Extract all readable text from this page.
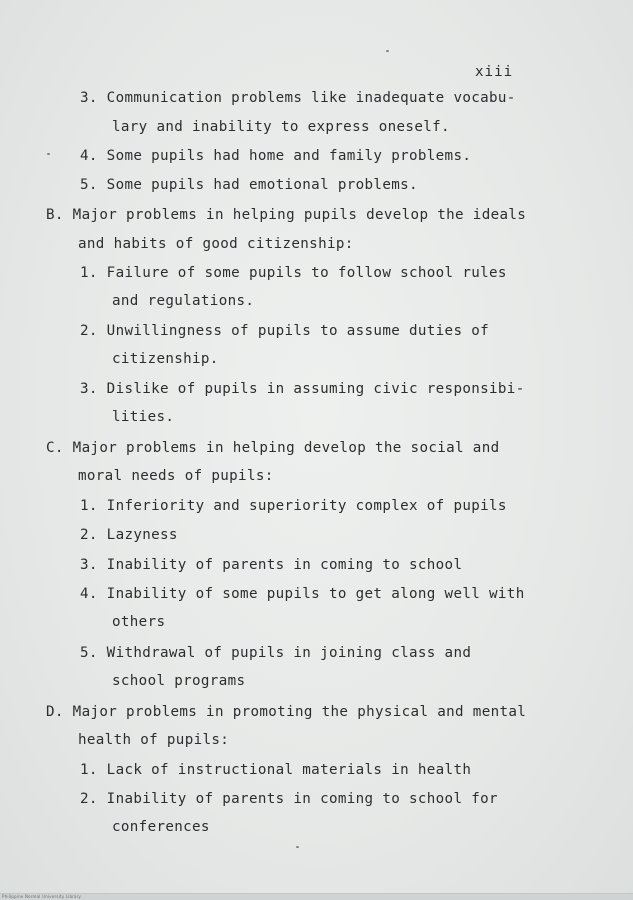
xiii
3. Communication problems like inadequate vocabu-
lary and inability to express oneself.
4. Some pupils had home and family problems.
5. Some pupils had emotional problems.
B. Major problems in helping pupils develop the ideals
and habits of good citizenship:
1. Failure of some pupils to follow school rules
and regulations.
2. Unwillingness of pupils to assume duties of
citizenship.
3. Dislike of pupils in assuming civic responsibi-
lities.
C. Major problems in helping develop the social and
moral needs of pupils:
1. Inferiority and superiority complex of pupils
2. Lazyness
3. Inability of parents in coming to school
4. Inability of some pupils to get along well with
others
5. Withdrawal of pupils in joining class and
school programs
D. Major problems in promoting the physical and mental
health of pupils:
1. Lack of instructional materials in health
2. Inability of parents in coming to school for
conferences
Philippine Normal University Library
